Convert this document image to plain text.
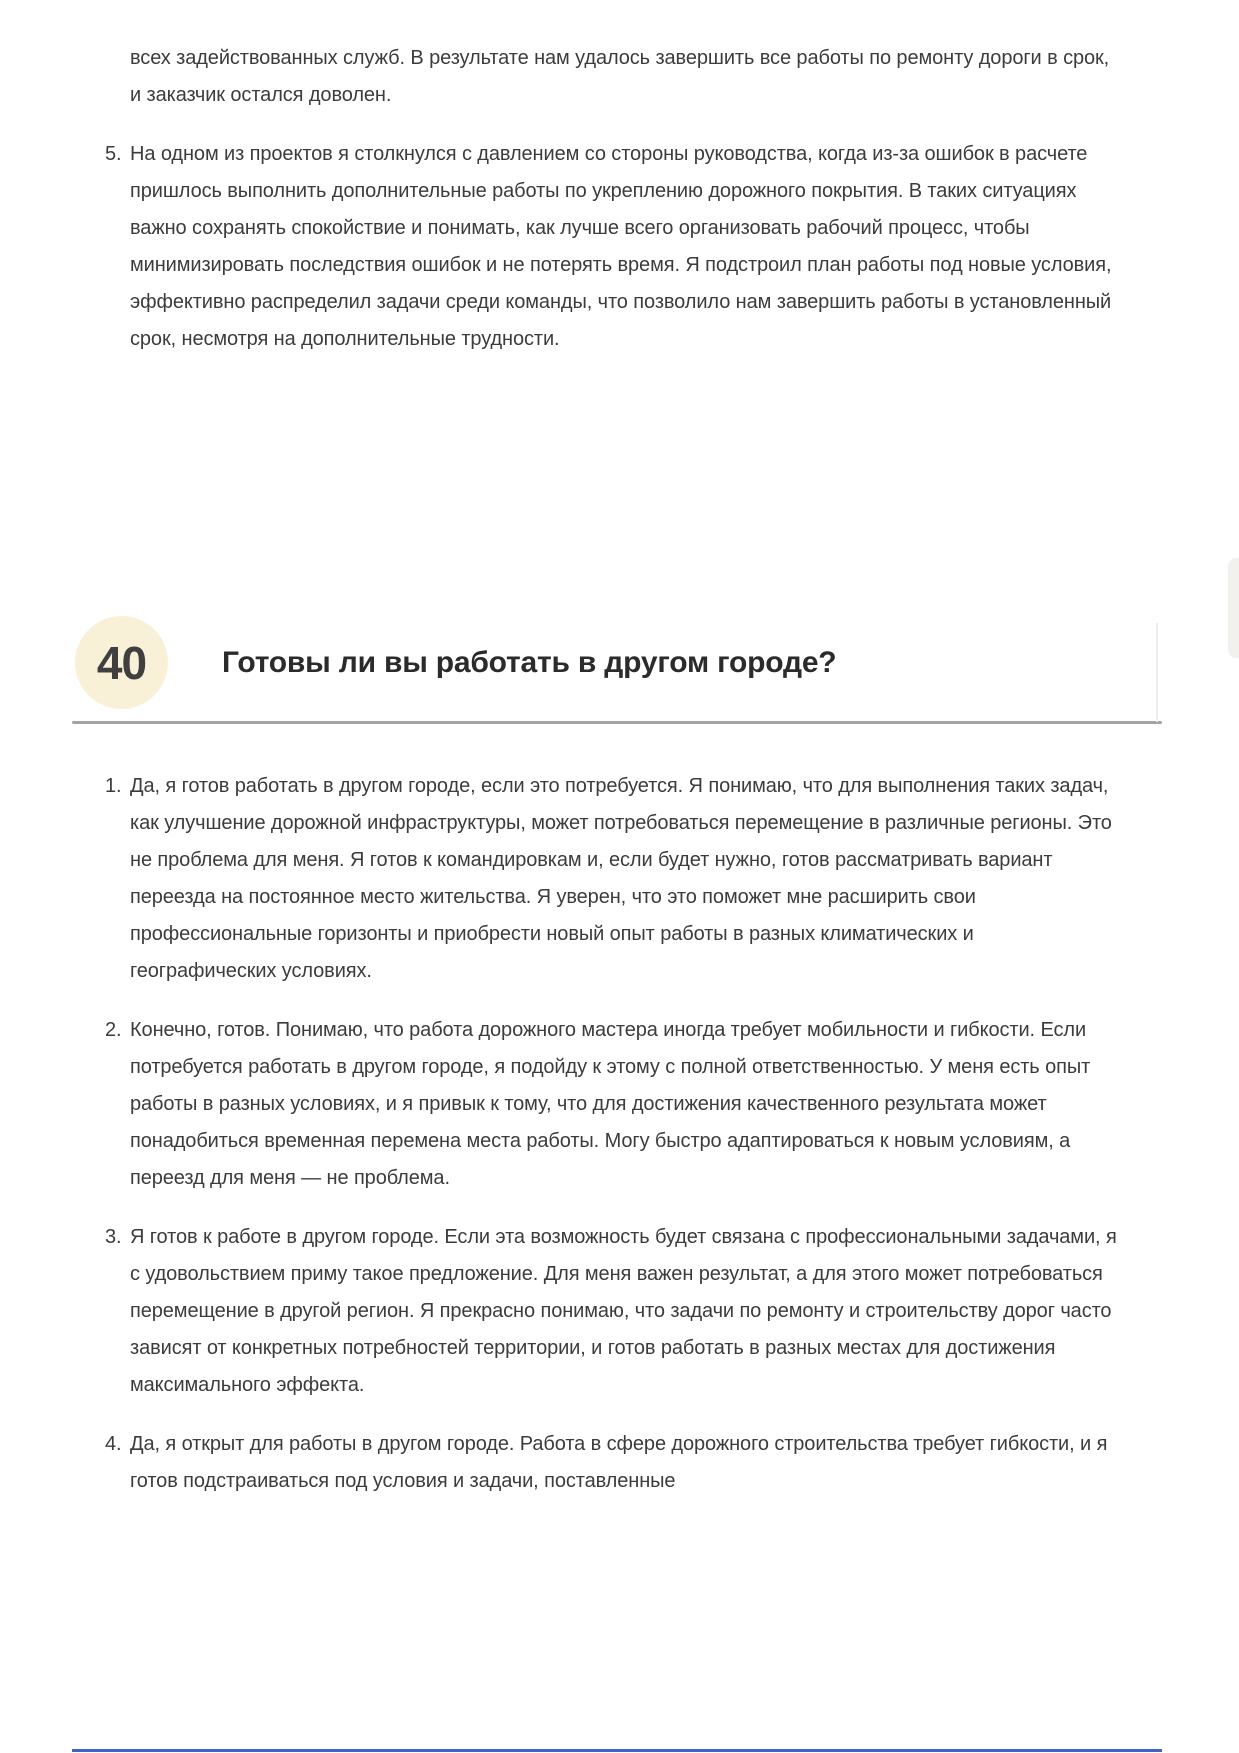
всех задействованных служб. В результате нам удалось завершить все работы по ремонту дороги в срок, и заказчик остался доволен.

5. На одном из проектов я столкнулся с давлением со стороны руководства, когда из-за ошибок в расчете пришлось выполнить дополнительные работы по укреплению дорожного покрытия. В таких ситуациях важно сохранять спокойствие и понимать, как лучше всего организовать рабочий процесс, чтобы минимизировать последствия ошибок и не потерять время. Я подстроил план работы под новые условия, эффективно распределил задачи среди команды, что позволило нам завершить работы в установленный срок, несмотря на дополнительные трудности.
40	Готовы ли вы работать в другом городе?
1. Да, я готов работать в другом городе, если это потребуется. Я понимаю, что для выполнения таких задач, как улучшение дорожной инфраструктуры, может потребоваться перемещение в различные регионы. Это не проблема для меня. Я готов к командировкам и, если будет нужно, готов рассматривать вариант переезда на постоянное место жительства. Я уверен, что это поможет мне расширить свои профессиональные горизонты и приобрести новый опыт работы в разных климатических и географических условиях.
2. Конечно, готов. Понимаю, что работа дорожного мастера иногда требует мобильности и гибкости. Если потребуется работать в другом городе, я подойду к этому с полной ответственностью. У меня есть опыт работы в разных условиях, и я привык к тому, что для достижения качественного результата может понадобиться временная перемена места работы. Могу быстро адаптироваться к новым условиям, а переезд для меня — не проблема.
3. Я готов к работе в другом городе. Если эта возможность будет связана с профессиональными задачами, я с удовольствием приму такое предложение. Для меня важен результат, а для этого может потребоваться перемещение в другой регион. Я прекрасно понимаю, что задачи по ремонту и строительству дорог часто зависят от конкретных потребностей территории, и готов работать в разных местах для достижения максимального эффекта.
4. Да, я открыт для работы в другом городе. Работа в сфере дорожного строительства требует гибкости, и я готов подстраиваться под условия и задачи, поставленные
